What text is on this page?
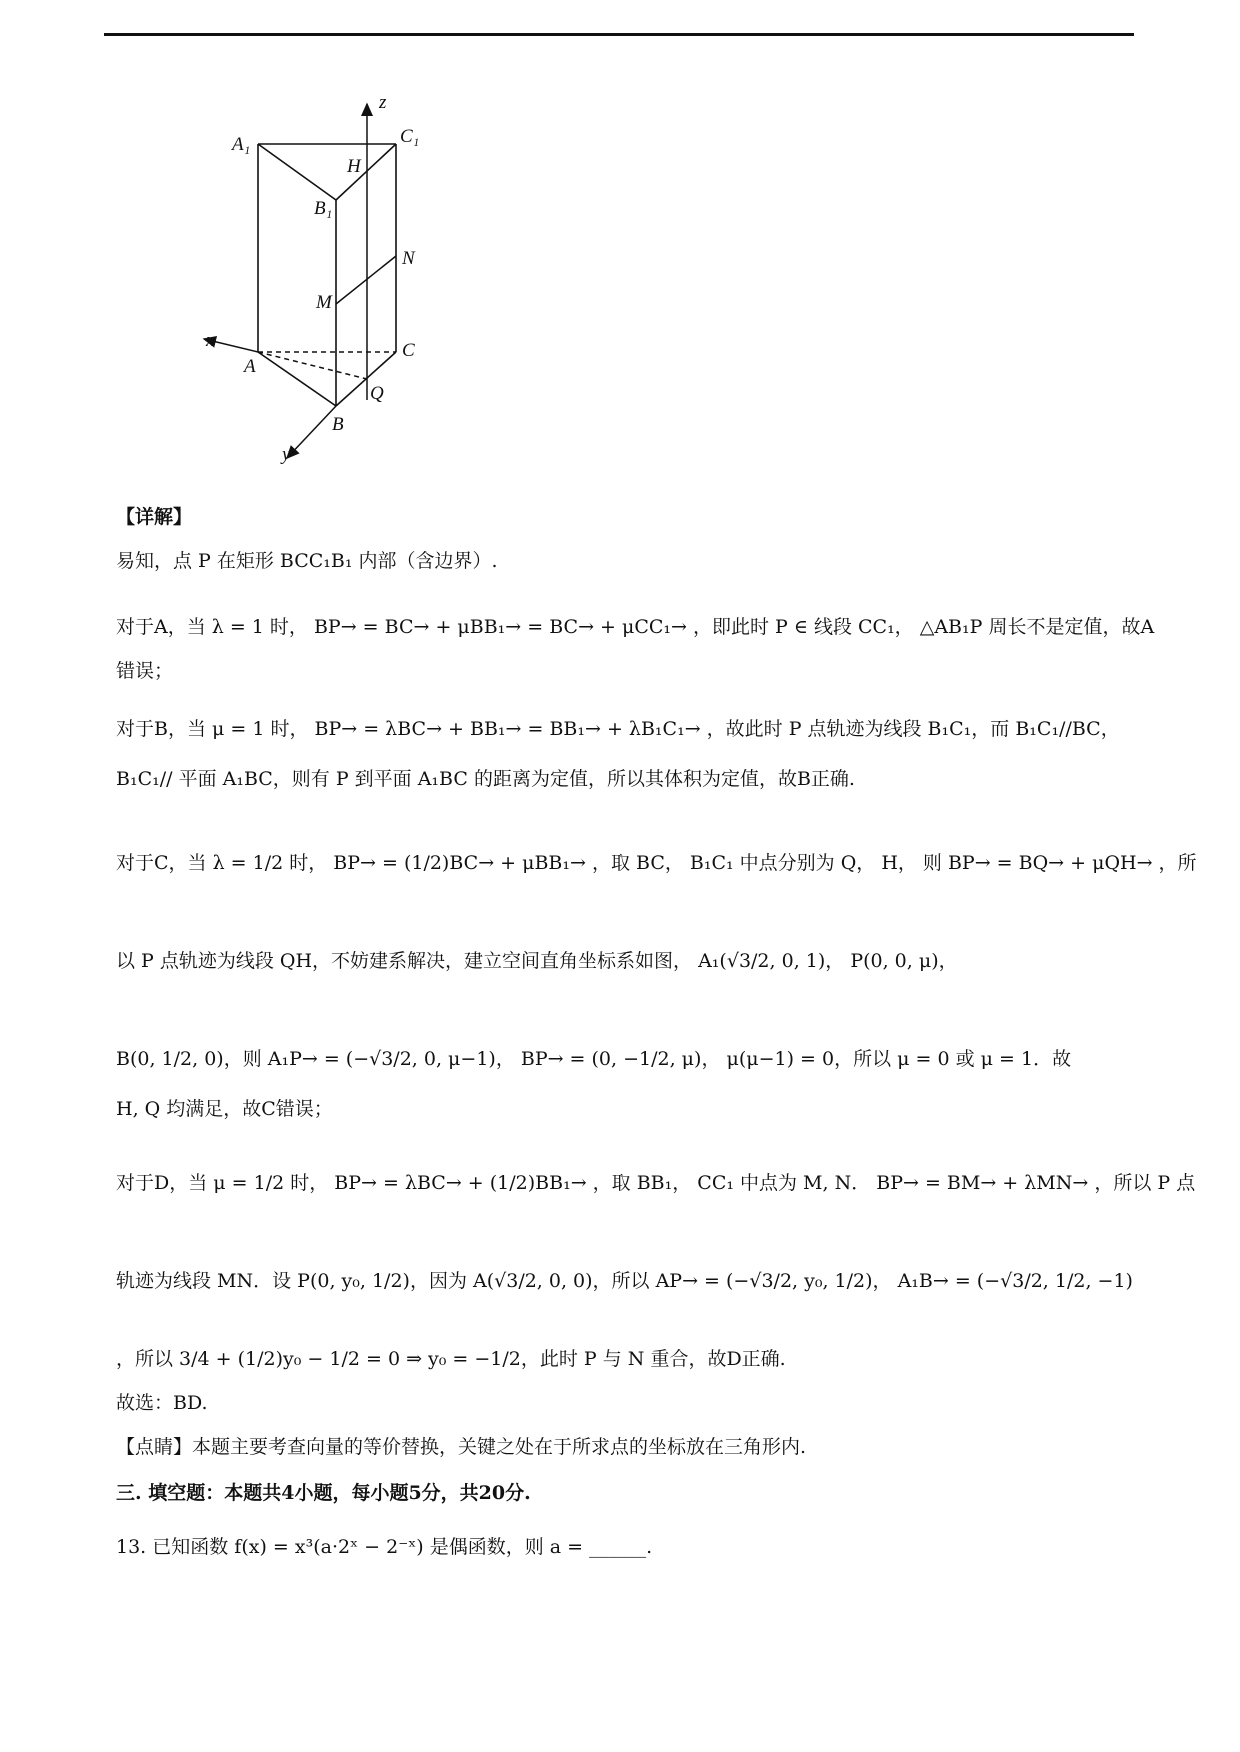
z
A₁	C₁
H
B₁
N
M
x	C
A
Q
B
y
【详解】
易知，点 P 在矩形 BCC₁B₁ 内部（含边界）.
对于A，当 λ = 1 时， BP→ = BC→ + μBB₁→ = BC→ + μCC₁→ ，即此时 P ∈ 线段 CC₁， △AB₁P 周长不是定值，故A
错误；
对于B，当 μ = 1 时， BP→ = λBC→ + BB₁→ = BB₁→ + λB₁C₁→ ，故此时 P 点轨迹为线段 B₁C₁，而 B₁C₁//BC，
B₁C₁// 平面 A₁BC，则有 P 到平面 A₁BC 的距离为定值，所以其体积为定值，故B正确.
对于C，当 λ = 1/2 时， BP→ = (1/2)BC→ + μBB₁→ ，取 BC， B₁C₁ 中点分别为 Q， H， 则 BP→ = BQ→ + μQH→ ，所
以 P 点轨迹为线段 QH，不妨建系解决，建立空间直角坐标系如图， A₁(√3/2, 0, 1)， P(0, 0, μ)，
B(0, 1/2, 0)，则 A₁P→ = (−√3/2, 0, μ−1)， BP→ = (0, −1/2, μ)， μ(μ−1) = 0，所以 μ = 0 或 μ = 1．故
H, Q 均满足，故C错误；
对于D，当 μ = 1/2 时， BP→ = λBC→ + (1/2)BB₁→ ，取 BB₁， CC₁ 中点为 M, N． BP→ = BM→ + λMN→ ，所以 P 点
轨迹为线段 MN．设 P(0, y₀, 1/2)，因为 A(√3/2, 0, 0)，所以 AP→ = (−√3/2, y₀, 1/2)， A₁B→ = (−√3/2, 1/2, −1)
，所以 3/4 + (1/2)y₀ − 1/2 = 0 ⇒ y₀ = −1/2，此时 P 与 N 重合，故D正确.
故选：BD.
【点睛】本题主要考查向量的等价替换，关键之处在于所求点的坐标放在三角形内.
三. 填空题：本题共4小题，每小题5分，共20分.
13. 已知函数 f(x) = x³(a·2ˣ − 2⁻ˣ) 是偶函数，则 a = ______.
